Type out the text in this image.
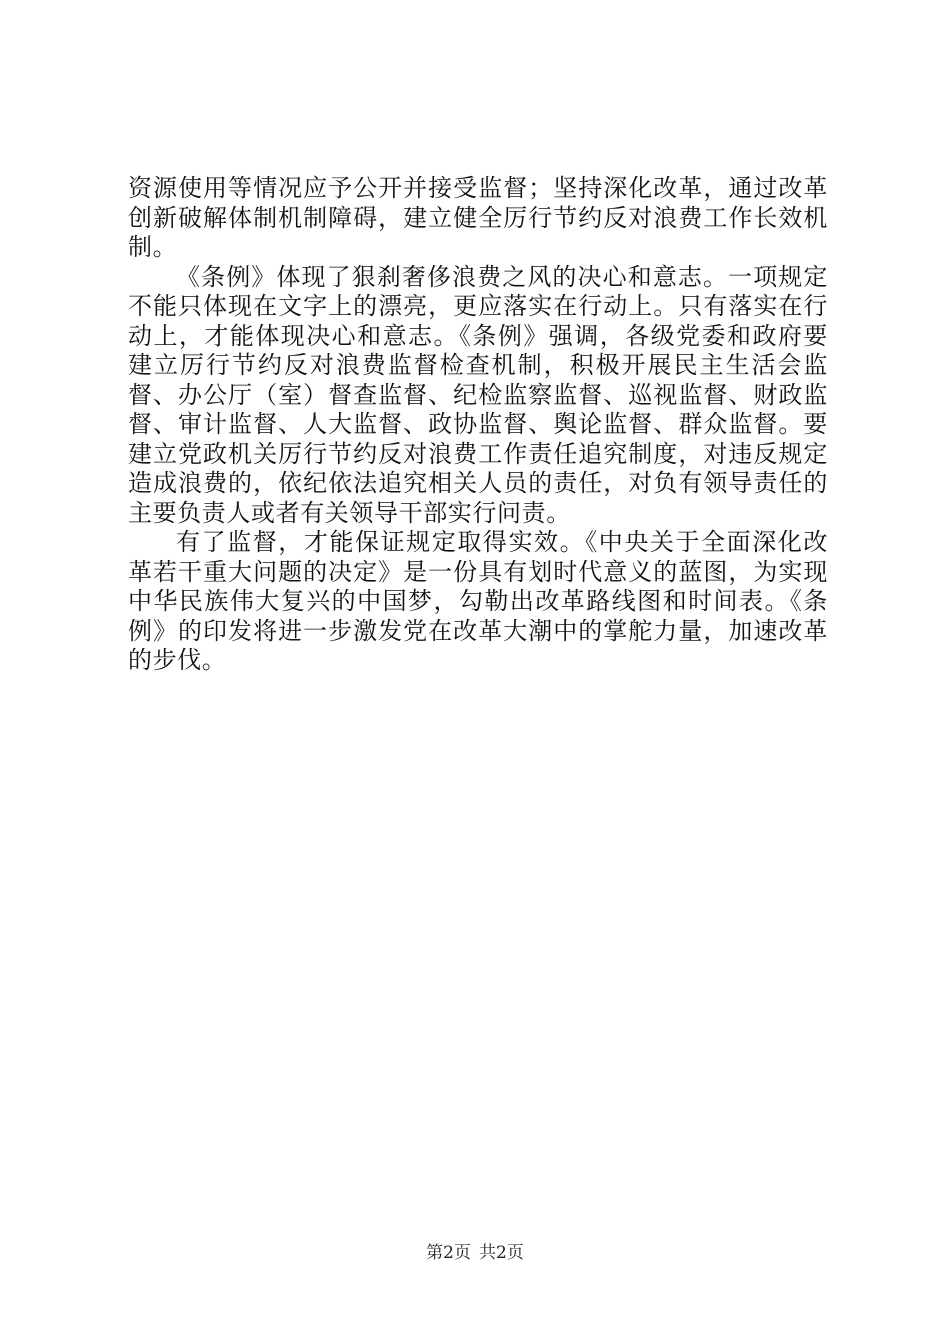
资源使用等情况应予公开并接受监督；坚持深化改革，通过改革创新破解体制机制障碍，建立健全厉行节约反对浪费工作长效机制。

《条例》体现了狠刹奢侈浪费之风的决心和意志。一项规定不能只体现在文字上的漂亮，更应落实在行动上。只有落实在行动上，才能体现决心和意志。《条例》强调，各级党委和政府要建立厉行节约反对浪费监督检查机制，积极开展民主生活会监督、办公厅（室）督查监督、纪检监察监督、巡视监督、财政监督、审计监督、人大监督、政协监督、舆论监督、群众监督。要建立党政机关厉行节约反对浪费工作责任追究制度，对违反规定造成浪费的，依纪依法追究相关人员的责任，对负有领导责任的主要负责人或者有关领导干部实行问责。

有了监督，才能保证规定取得实效。《中央关于全面深化改革若干重大问题的决定》是一份具有划时代意义的蓝图，为实现中华民族伟大复兴的中国梦，勾勒出改革路线图和时间表。《条例》的印发将进一步激发党在改革大潮中的掌舵力量，加速改革的步伐。

第2页 共2页
